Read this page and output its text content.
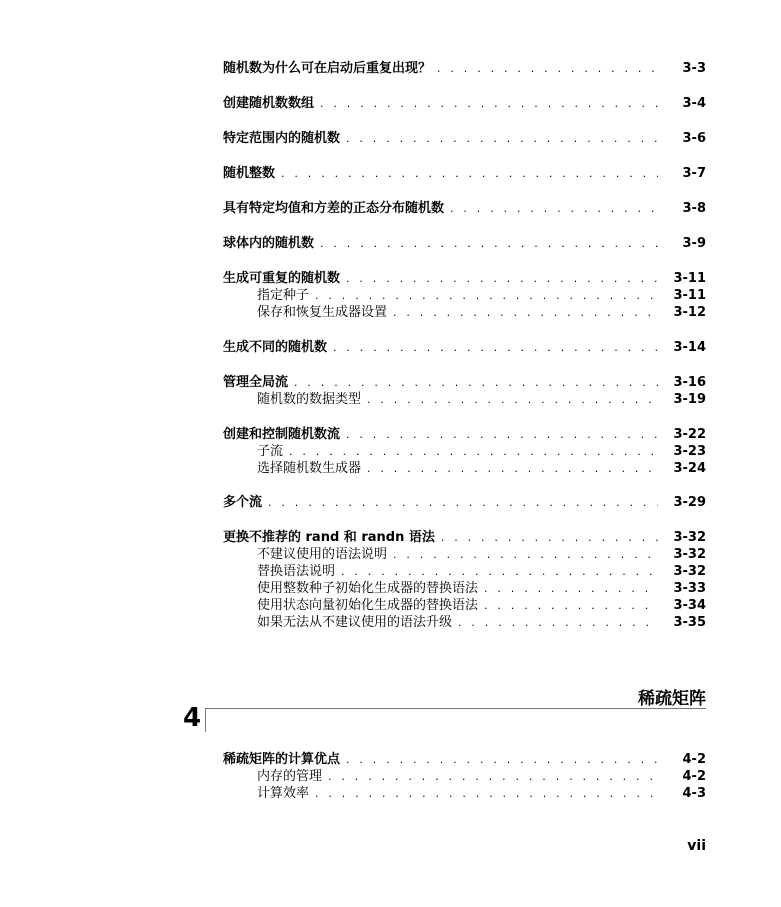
随机数为什么可在启动后重复出现？ . . .	3-3
创建随机数数组 . . .	3-4
特定范围内的随机数 . . .	3-6
随机整数 . . .	3-7
具有特定均值和方差的正态分布随机数 . . .	3-8
球体内的随机数 . . .	3-9
生成可重复的随机数 . . .	3-11
指定种子 . . .	3-11
保存和恢复生成器设置 . . .	3-12
生成不同的随机数 . . .	3-14
管理全局流 . . .	3-16
随机数的数据类型 . . .	3-19
创建和控制随机数流 . . .	3-22
子流 . . .	3-23
选择随机数生成器 . . .	3-24
多个流 . . .	3-29
更换不推荐的 rand 和 randn 语法 . . .	3-32
不建议使用的语法说明 . . .	3-32
替换语法说明 . . .	3-32
使用整数种子初始化生成器的替换语法 . . .	3-33
使用状态向量初始化生成器的替换语法 . . .	3-34
如果无法从不建议使用的语法升级 . . .	3-35
稀疏矩阵
4
稀疏矩阵的计算优点 . . .	4-2
内存的管理 . . .	4-2
计算效率 . . .	4-3
vii
